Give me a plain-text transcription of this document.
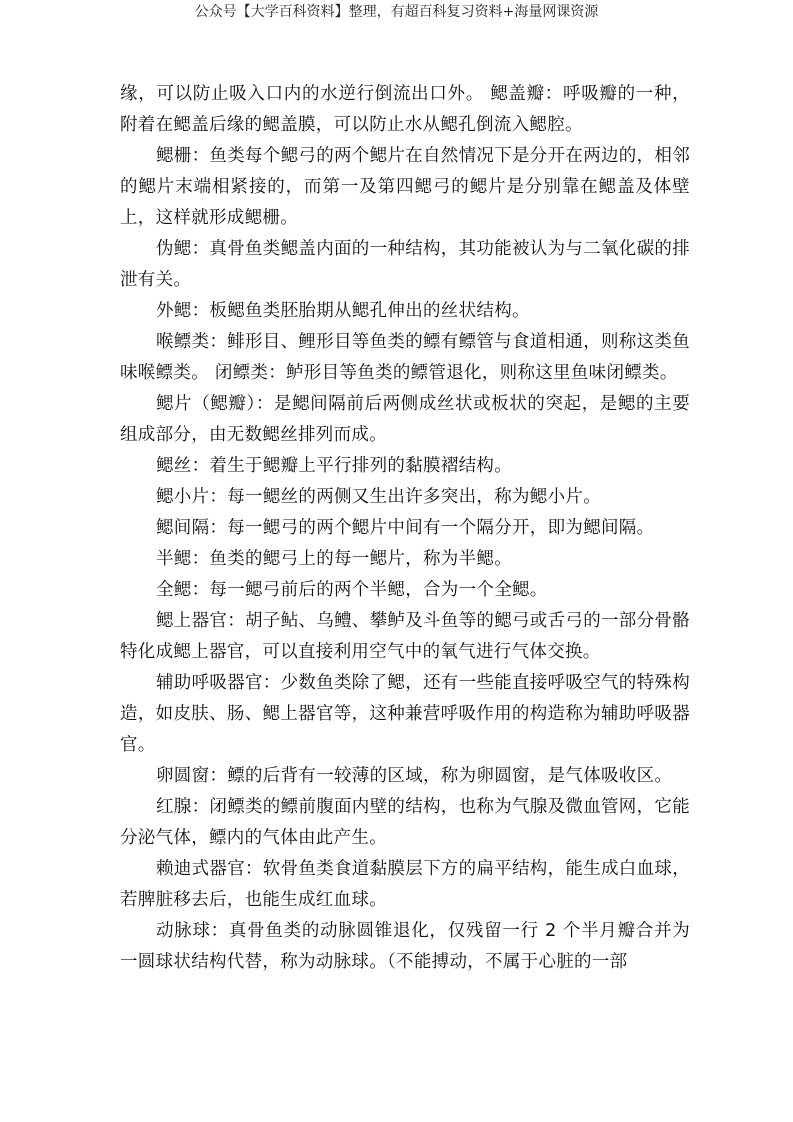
公众号【大学百科资料】整理，有超百科复习资料+海量网课资源

缘，可以防止吸入口内的水逆行倒流出口外。 鳃盖瓣：呼吸瓣的一种，附着在鳃盖后缘的鳃盖膜，可以防止水从鳃孔倒流入鳃腔。

鳃栅：鱼类每个鳃弓的两个鳃片在自然情况下是分开在两边的，相邻的鳃片末端相紧接的，而第一及第四鳃弓的鳃片是分别靠在鳃盖及体壁上，这样就形成鳃栅。

伪鳃：真骨鱼类鳃盖内面的一种结构，其功能被认为与二氧化碳的排泄有关。

外鳃：板鳃鱼类胚胎期从鳃孔伸出的丝状结构。

喉鳔类：鲱形目、鲤形目等鱼类的鳔有鳔管与食道相通，则称这类鱼味喉鳔类。 闭鳔类：鲈形目等鱼类的鳔管退化，则称这里鱼味闭鳔类。

鳃片（鳃瓣）：是鳃间隔前后两侧成丝状或板状的突起，是鳃的主要组成部分，由无数鳃丝排列而成。

鳃丝：着生于鳃瓣上平行排列的黏膜褶结构。

鳃小片：每一鳃丝的两侧又生出许多突出，称为鳃小片。

鳃间隔：每一鳃弓的两个鳃片中间有一个隔分开，即为鳃间隔。

半鳃：鱼类的鳃弓上的每一鳃片，称为半鳃。

全鳃：每一鳃弓前后的两个半鳃，合为一个全鳃。

鳃上器官：胡子鲇、乌鳢、攀鲈及斗鱼等的鳃弓或舌弓的一部分骨骼特化成鳃上器官，可以直接利用空气中的氧气进行气体交换。

辅助呼吸器官：少数鱼类除了鳃，还有一些能直接呼吸空气的特殊构造，如皮肤、肠、鳃上器官等，这种兼营呼吸作用的构造称为辅助呼吸器官。

卵圆窗：鳔的后背有一较薄的区域，称为卵圆窗，是气体吸收区。

红腺：闭鳔类的鳔前腹面内壁的结构，也称为气腺及微血管网，它能分泌气体，鳔内的气体由此产生。

赖迪式器官：软骨鱼类食道黏膜层下方的扁平结构，能生成白血球，若脾脏移去后，也能生成红血球。

动脉球：真骨鱼类的动脉圆锥退化，仅残留一行 2 个半月瓣合并为一圆球状结构代替，称为动脉球。（不能搏动，不属于心脏的一部
